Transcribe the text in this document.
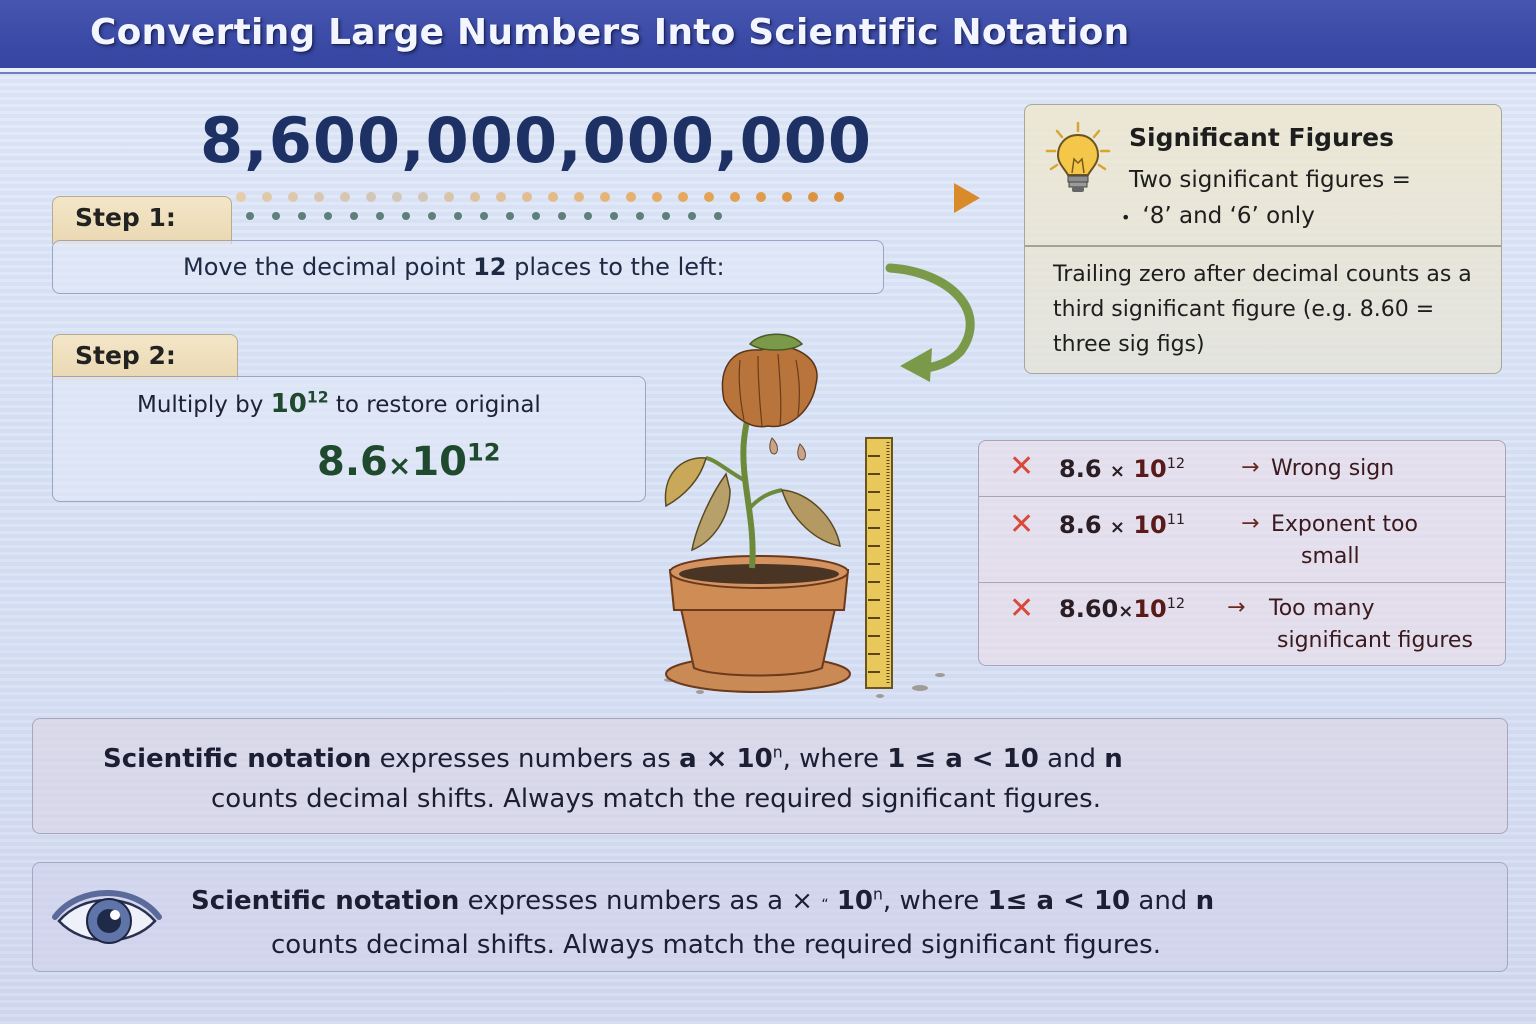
Converting Large Numbers Into Scientific Notation
8,600,000,000,000
Step 1:
Move the decimal point 12 places to the left:
Step 2:
Multiply by $10^{12}$ to restore original
$8.6\times 10^{12}$
Significant Figures
Two significant figures =
• ‘8’ and ‘6’ only
Trailing zero after decimal counts as a third significant figure (e.g. 8.60 = three sig figs)
✕ $8.6 \times 10^{12}$	→ Wrong sign
✕ $8.6 \times 10^{11}$	→ Exponent too
small
✕ $8.60\times 10^{12}$ → Too many
significant figures
Scientific notation expresses numbers as $a \times 10^n$, where 1 ≤ a < 10 and n
counts decimal shifts. Always match the required significant figures.
Scientific notation expresses numbers as a × “ 10$^n$, where 1≤ a < 10 and n
counts decimal shifts. Always match the required significant figures.
